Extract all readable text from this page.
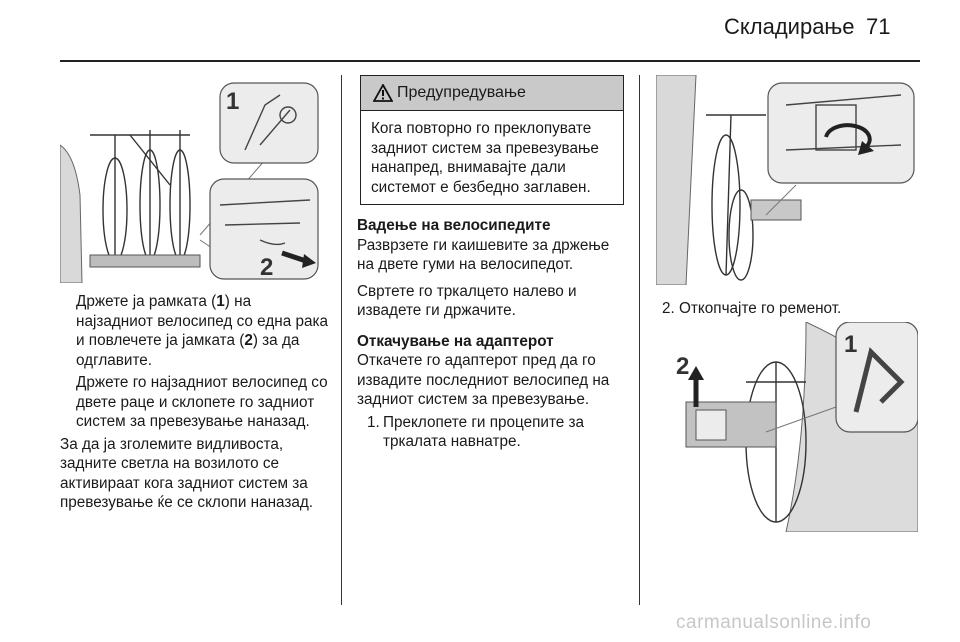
Складирање 71
1
2

Држете ја рамката (1) на најзадниот велосипед со една рака и повлечете ја јамката (2) за да одглавите.

Држете го најзадниот велосипед со двете раце и склопете го задниот систем за превезување наназад.

За да ја зголемите видливоста, задните светла на возилото се активираат кога задниот систем за превезување ќе се склопи наназад.

Предупредување
Кога повторно го преклопувате задниот систем за превезување нанапред, внимавајте дали системот е безбедно заглавен.

Вадење на велосипедите

Разврзете ги каишевите за држење на двете гуми на велосипедот.

Свртете го тркалцето налево и извадете ги држачите.

Откачување на адаптерот

Откачете го адаптерот пред да го извадите последниот велосипед на задниот систем за превезување.

1. Преклопете ги процепите за тркалата навнатре.
2. Откопчајте го ременот.
2
1
carmanualsonline.info
